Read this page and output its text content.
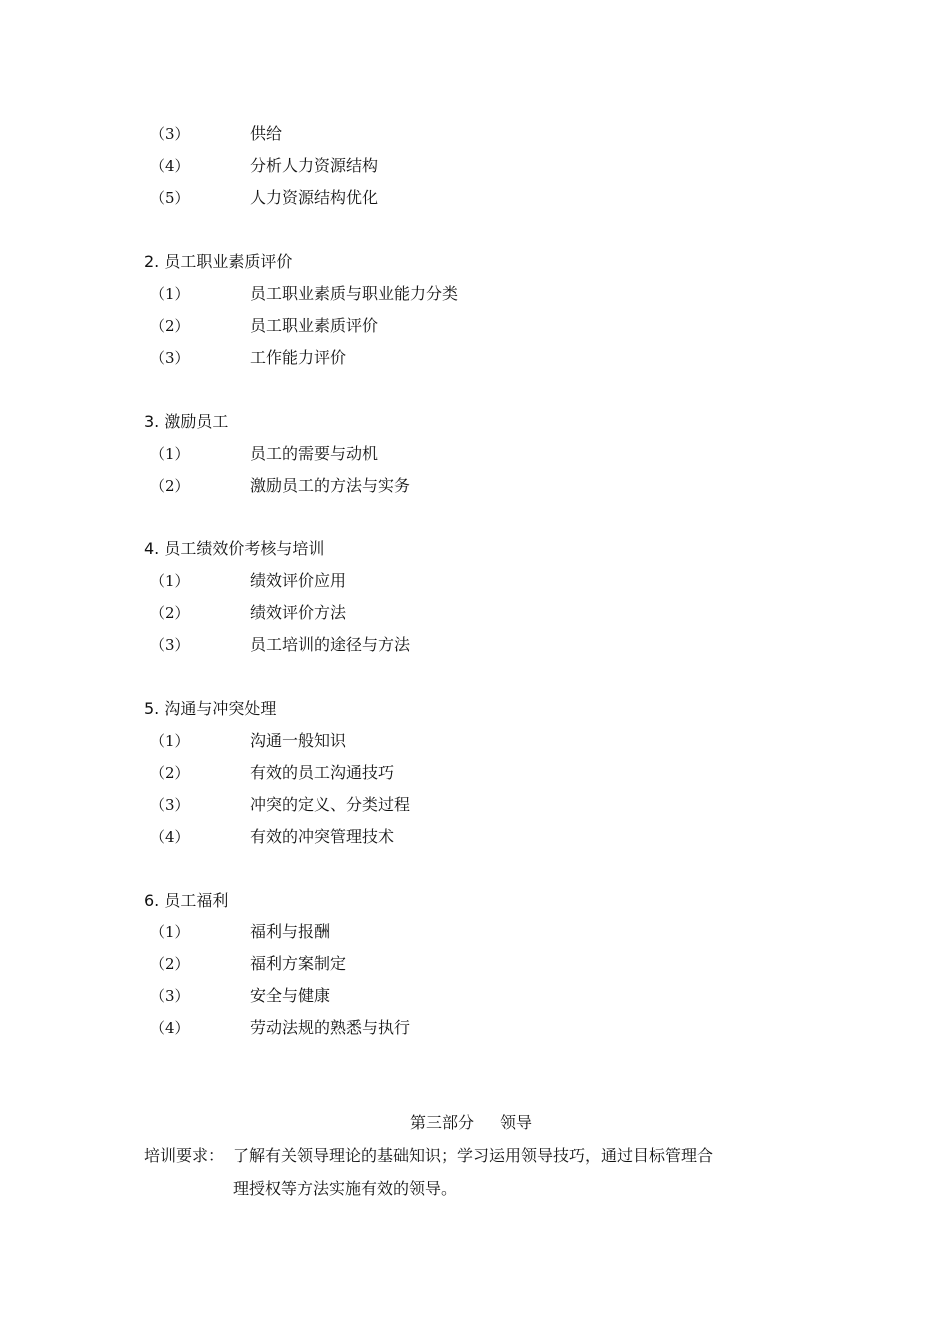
（3）	供给
（4）	分析人力资源结构
（5）	人力资源结构优化
2. 员工职业素质评价
（1）	员工职业素质与职业能力分类
（2）	员工职业素质评价
（3）	工作能力评价
3. 激励员工
（1）	员工的需要与动机
（2）	激励员工的方法与实务
4. 员工绩效价考核与培训
（1）	绩效评价应用
（2）	绩效评价方法
（3）	员工培训的途径与方法
5. 沟通与冲突处理
（1）	沟通一般知识
（2）	有效的员工沟通技巧
（3）	冲突的定义、分类过程
（4）	有效的冲突管理技术
6. 员工福利
（1）	福利与报酬
（2）	福利方案制定
（3）	安全与健康
（4）	劳动法规的熟悉与执行
第三部分 领导
培训要求： 了解有关领导理论的基础知识；学习运用领导技巧，通过目标管理合
理授权等方法实施有效的领导。
